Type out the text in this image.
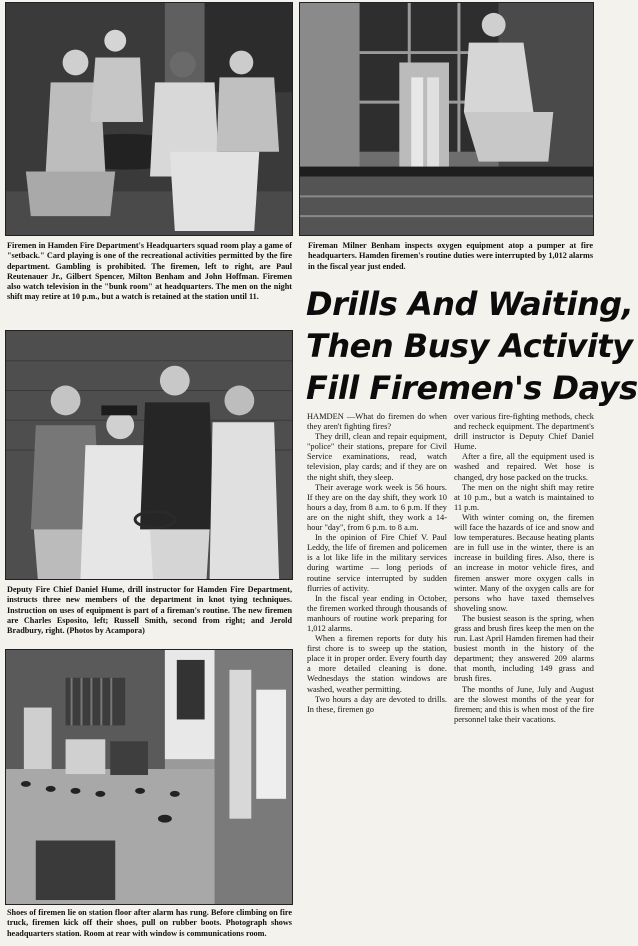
Firemen in Hamden Fire Department's Headquarters squad room play a game of "setback." Card playing is one of the recreational activities permitted by the fire department. Gambling is prohibited. The firemen, left to right, are Paul Reutenauer Jr., Gilbert Spencer, Milton Benham and John Hoffman. Firemen also watch television in the "bunk room" at headquarters. The men on the night shift may retire at 10 p.m., but a watch is retained at the station until 11.
Fireman Milner Benham inspects oxygen equipment atop a pumper at fire headquarters. Hamden firemen's routine duties were interrupted by 1,012 alarms in the fiscal year just ended.
Deputy Fire Chief Daniel Hume, drill instructor for Hamden Fire Department, instructs three new members of the department in knot tying techniques. Instruction on uses of equipment is part of a fireman's routine. The new firemen are Charles Esposito, left; Russell Smith, second from right; and Jerold Bradbury, right. (Photos by Acampora)
Shoes of firemen lie on station floor after alarm has rung. Before climbing on fire truck, firemen kick off their shoes, pull on rubber boots. Photograph shows headquarters station. Room at rear with window is communications room.
Drills And Waiting,
Then Busy Activity
Fill Firemen's Days

HAMDEN —What do firemen do when they aren't fighting fires?

They drill, clean and repair equipment, "police" their stations, prepare for Civil Service examinations, read, watch television, play cards; and if they are on the night shift, they sleep.

Their average work week is 56 hours. If they are on the day shift, they work 10 hours a day, from 8 a.m. to 6 p.m. If they are on the night shift, they work a 14-hour "day", from 6 p.m. to 8 a.m.

In the opinion of Fire Chief V. Paul Leddy, the life of firemen and policemen is a lot like life in the military services during wartime — long periods of routine service interrupted by sudden flurries of activity.

In the fiscal year ending in October, the firemen worked through thousands of manhours of routine work preparing for 1,012 alarms.

When a firemen reports for duty his first chore is to sweep up the station, place it in proper order. Every fourth day a more detailed cleaning is done. Wednesdays the station windows are washed, weather permitting.

Two hours a day are devoted to drills. In these, firemen go

over various fire-fighting methods, check and recheck equipment. The department's drill instructor is Deputy Chief Daniel Hume.

After a fire, all the equipment used is washed and repaired. Wet hose is changed, dry hose packed on the trucks.

The men on the night shift may retire at 10 p.m., but a watch is maintained to 11 p.m.

With winter coming on, the firemen will face the hazards of ice and snow and low temperatures. Because heating plants are in full use in the winter, there is an increase in building fires. Also, there is an increase in motor vehicle fires, and firemen answer more oxygen calls in winter. Many of the oxygen calls are for persons who have taxed themselves shoveling snow.

The busiest season is the spring, when grass and brush fires keep the men on the run. Last April Hamden firemen had their busiest month in the history of the department; they answered 209 alarms that month, including 149 grass and brush fires.

The months of June, July and August are the slowest months of the year for firemen; and this is when most of the fire personnel take their vacations.
